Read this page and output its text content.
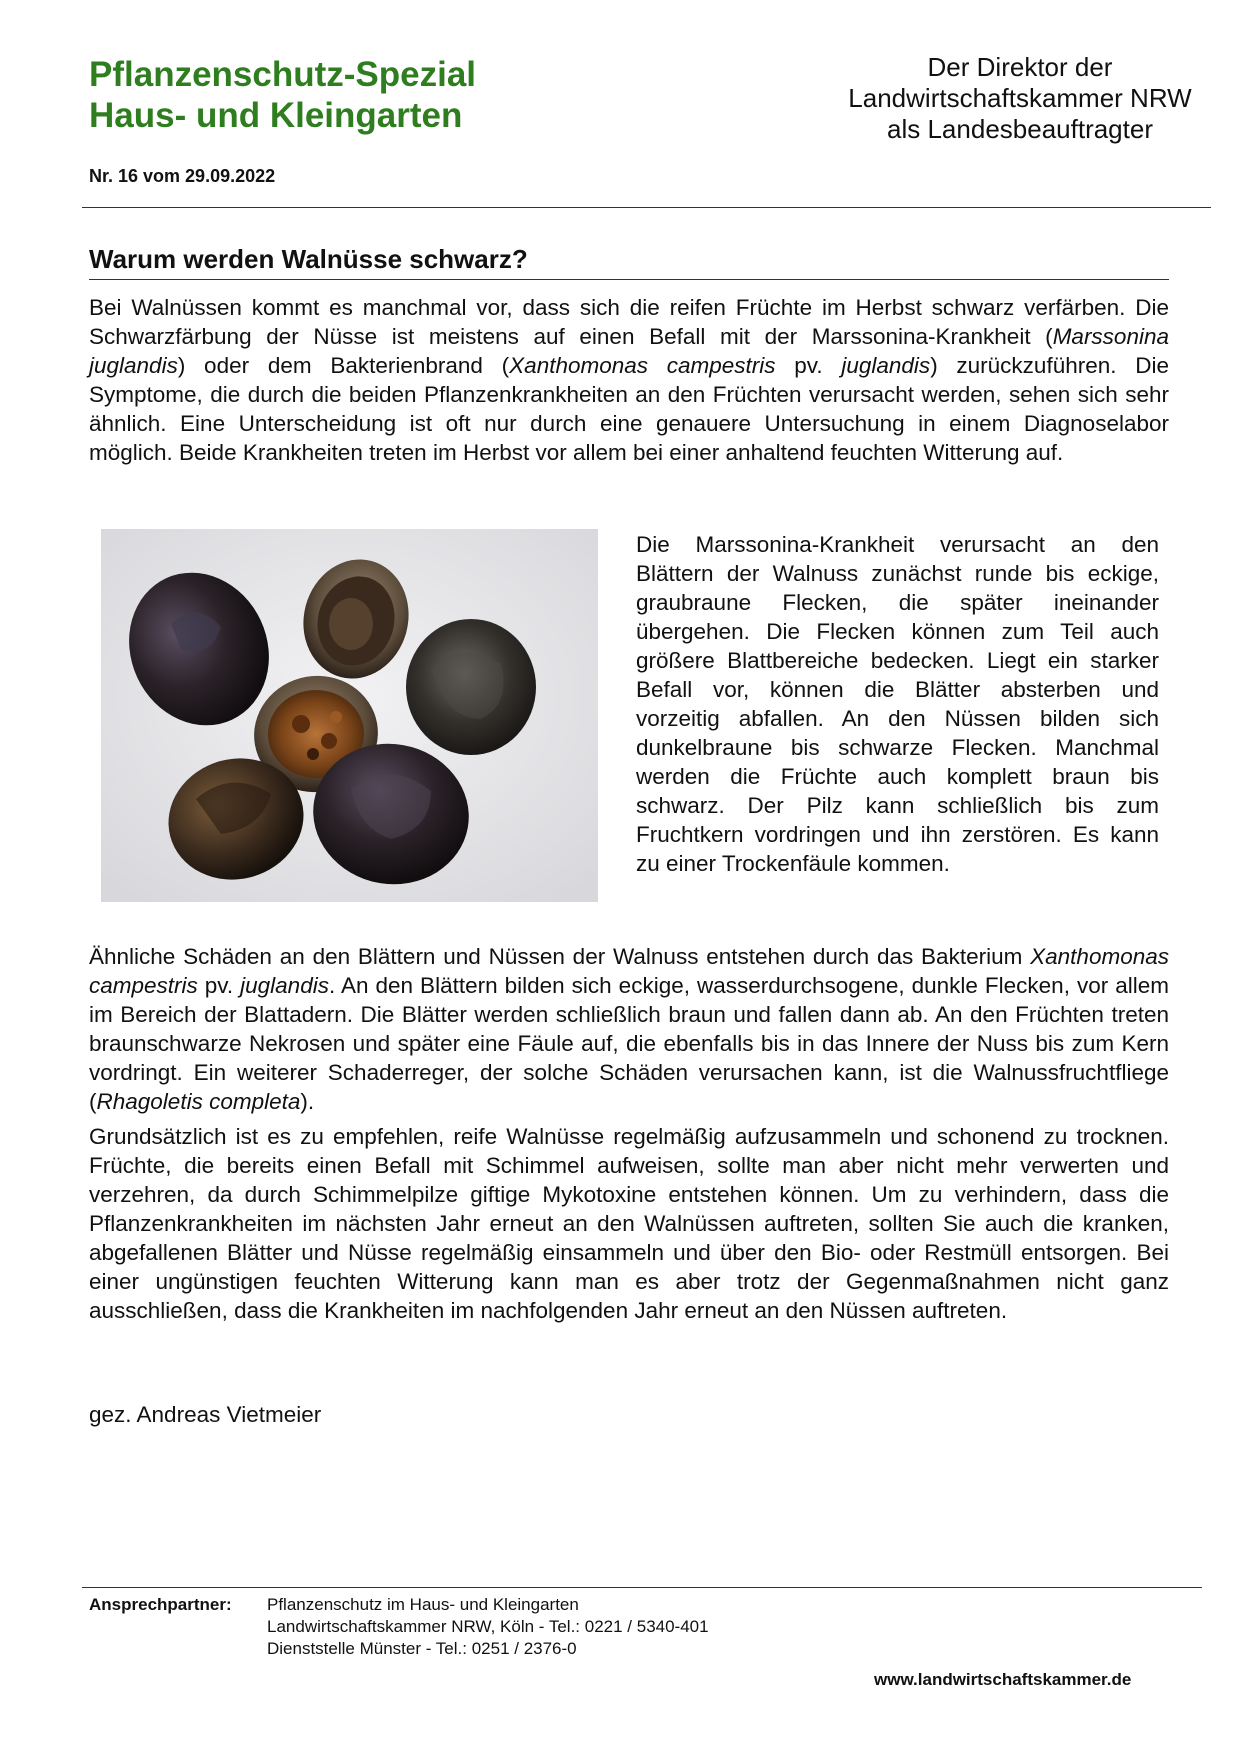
Pflanzenschutz-Spezial
Haus- und Kleingarten
Der Direktor der
Landwirtschaftskammer NRW
als Landesbeauftragter
Nr. 16 vom 29.09.2022
Warum werden Walnüsse schwarz?
Bei Walnüssen kommt es manchmal vor, dass sich die reifen Früchte im Herbst schwarz verfärben. Die Schwarzfärbung der Nüsse ist meistens auf einen Befall mit der Marssonina-Krankheit (Marssonina juglandis) oder dem Bakterienbrand (Xanthomonas campestris pv. juglandis) zurückzuführen. Die Symptome, die durch die beiden Pflanzenkrankheiten an den Früchten verursacht werden, sehen sich sehr ähnlich. Eine Unterscheidung ist oft nur durch eine genauere Untersuchung in einem Diagnoselabor möglich. Beide Krankheiten treten im Herbst vor allem bei einer anhaltend feuchten Witterung auf.
Die Marssonina-Krankheit verursacht an den Blättern der Walnuss zunächst runde bis eckige, graubraune Flecken, die später ineinander übergehen. Die Flecken können zum Teil auch größere Blattbereiche bedecken. Liegt ein starker Befall vor, können die Blätter absterben und vorzeitig abfallen. An den Nüssen bilden sich dunkelbraune bis schwarze Flecken. Manchmal werden die Früchte auch komplett braun bis schwarz. Der Pilz kann schließlich bis zum Fruchtkern vordringen und ihn zerstören. Es kann zu einer Trockenfäule kommen.
Ähnliche Schäden an den Blättern und Nüssen der Walnuss entstehen durch das Bakterium Xanthomonas campestris pv. juglandis. An den Blättern bilden sich eckige, wasserdurchsogene, dunkle Flecken, vor allem im Bereich der Blattadern. Die Blätter werden schließlich braun und fallen dann ab. An den Früchten treten braunschwarze Nekrosen und später eine Fäule auf, die ebenfalls bis in das Innere der Nuss bis zum Kern vordringt. Ein weiterer Schaderreger, der solche Schäden verursachen kann, ist die Walnussfruchtfliege (Rhagoletis completa).
Grundsätzlich ist es zu empfehlen, reife Walnüsse regelmäßig aufzusammeln und schonend zu trocknen. Früchte, die bereits einen Befall mit Schimmel aufweisen, sollte man aber nicht mehr verwerten und verzehren, da durch Schimmelpilze giftige Mykotoxine entstehen können. Um zu verhindern, dass die Pflanzenkrankheiten im nächsten Jahr erneut an den Walnüssen auftreten, sollten Sie auch die kranken, abgefallenen Blätter und Nüsse regelmäßig einsammeln und über den Bio- oder Restmüll entsorgen. Bei einer ungünstigen feuchten Witterung kann man es aber trotz der Gegenmaßnahmen nicht ganz ausschließen, dass die Krankheiten im nachfolgenden Jahr erneut an den Nüssen auftreten.
gez. Andreas Vietmeier
Ansprechpartner: Pflanzenschutz im Haus- und Kleingarten
Landwirtschaftskammer NRW, Köln - Tel.: 0221 / 5340-401
Dienststelle Münster - Tel.: 0251 / 2376-0
www.landwirtschaftskammer.de
